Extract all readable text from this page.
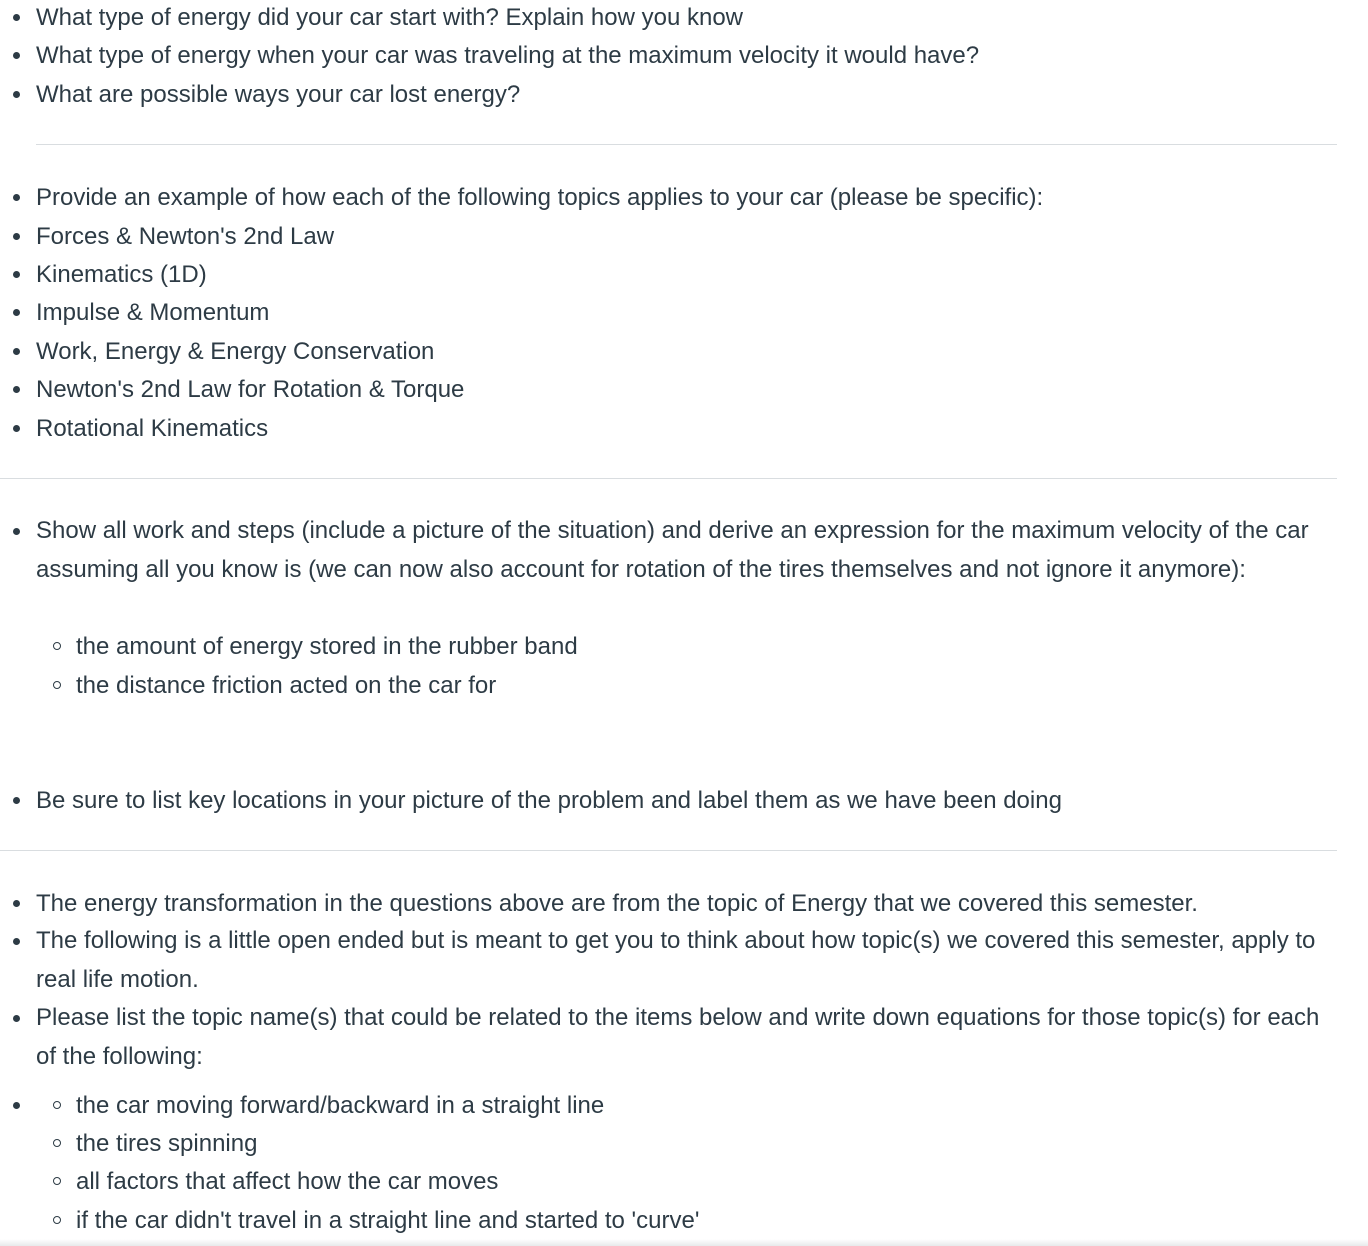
What type of energy did your car start with? Explain how you know
What type of energy when your car was traveling at the maximum velocity it would have?
What are possible ways your car lost energy?
Provide an example of how each of the following topics applies to your car (please be specific):
Forces & Newton's 2nd Law
Kinematics (1D)
Impulse & Momentum
Work, Energy & Energy Conservation
Newton's 2nd Law for Rotation & Torque
Rotational Kinematics
Show all work and steps (include a picture of the situation) and derive an expression for the maximum velocity of the car assuming all you know is (we can now also account for rotation of the tires themselves and not ignore it anymore):
the amount of energy stored in the rubber band
the distance friction acted on the car for
Be sure to list key locations in your picture of the problem and label them as we have been doing
The energy transformation in the questions above are from the topic of Energy that we covered this semester.
The following is a little open ended but is meant to get you to think about how topic(s) we covered this semester, apply to real life motion.
Please list the topic name(s) that could be related to the items below and write down equations for those topic(s) for each of the following:
the car moving forward/backward in a straight line
the tires spinning
all factors that affect how the car moves
if the car didn't travel in a straight line and started to 'curve'
